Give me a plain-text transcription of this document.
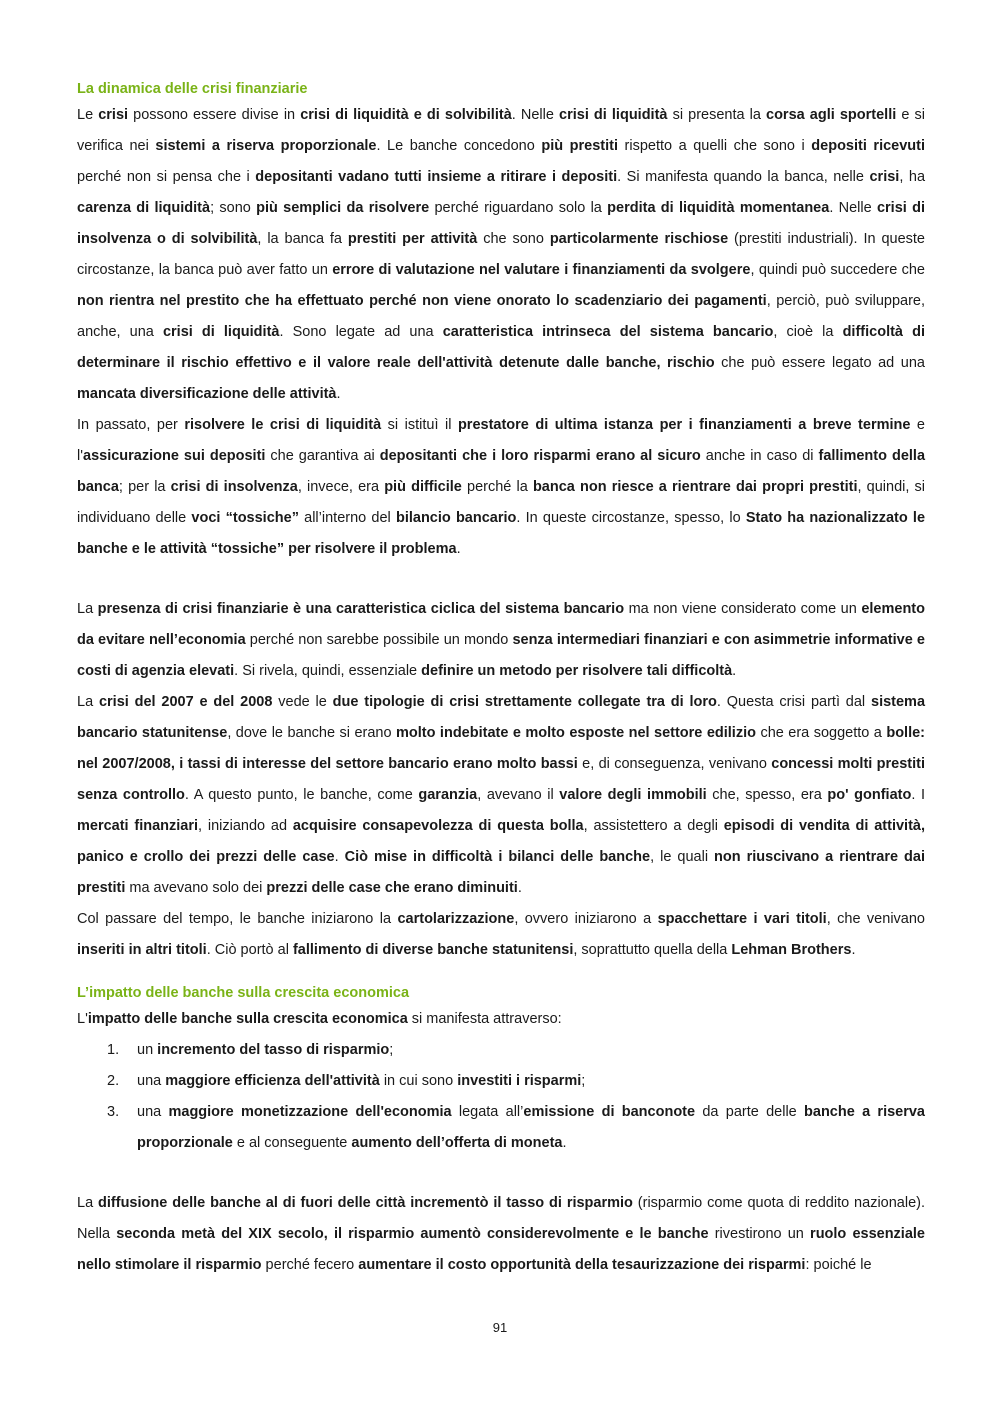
La dinamica delle crisi finanziarie

Le crisi possono essere divise in crisi di liquidità e di solvibilità. Nelle crisi di liquidità si presenta la corsa agli sportelli e si verifica nei sistemi a riserva proporzionale. Le banche concedono più prestiti rispetto a quelli che sono i depositi ricevuti perché non si pensa che i depositanti vadano tutti insieme a ritirare i depositi. Si manifesta quando la banca, nelle crisi, ha carenza di liquidità; sono più semplici da risolvere perché riguardano solo la perdita di liquidità momentanea. Nelle crisi di insolvenza o di solvibilità, la banca fa prestiti per attività che sono particolarmente rischiose (prestiti industriali). In queste circostanze, la banca può aver fatto un errore di valutazione nel valutare i finanziamenti da svolgere, quindi può succedere che non rientra nel prestito che ha effettuato perché non viene onorato lo scadenziario dei pagamenti, perciò, può sviluppare, anche, una crisi di liquidità. Sono legate ad una caratteristica intrinseca del sistema bancario, cioè la difficoltà di determinare il rischio effettivo e il valore reale dell'attività detenute dalle banche, rischio che può essere legato ad una mancata diversificazione delle attività.

In passato, per risolvere le crisi di liquidità si istituì il prestatore di ultima istanza per i finanziamenti a breve termine e l'assicurazione sui depositi che garantiva ai depositanti che i loro risparmi erano al sicuro anche in caso di fallimento della banca; per la crisi di insolvenza, invece, era più difficile perché la banca non riesce a rientrare dai propri prestiti, quindi, si individuano delle voci “tossiche” all’interno del bilancio bancario. In queste circostanze, spesso, lo Stato ha nazionalizzato le banche e le attività “tossiche” per risolvere il problema.

La presenza di crisi finanziarie è una caratteristica ciclica del sistema bancario ma non viene considerato come un elemento da evitare nell’economia perché non sarebbe possibile un mondo senza intermediari finanziari e con asimmetrie informative e costi di agenzia elevati. Si rivela, quindi, essenziale definire un metodo per risolvere tali difficoltà.

La crisi del 2007 e del 2008 vede le due tipologie di crisi strettamente collegate tra di loro. Questa crisi partì dal sistema bancario statunitense, dove le banche si erano molto indebitate e molto esposte nel settore edilizio che era soggetto a bolle: nel 2007/2008, i tassi di interesse del settore bancario erano molto bassi e, di conseguenza, venivano concessi molti prestiti senza controllo. A questo punto, le banche, come garanzia, avevano il valore degli immobili che, spesso, era po' gonfiato. I mercati finanziari, iniziando ad acquisire consapevolezza di questa bolla, assistettero a degli episodi di vendita di attività, panico e crollo dei prezzi delle case. Ciò mise in difficoltà i bilanci delle banche, le quali non riuscivano a rientrare dai prestiti ma avevano solo dei prezzi delle case che erano diminuiti.

Col passare del tempo, le banche iniziarono la cartolarizzazione, ovvero iniziarono a spacchettare i vari titoli, che venivano inseriti in altri titoli. Ciò portò al fallimento di diverse banche statunitensi, soprattutto quella della Lehman Brothers.

L’impatto delle banche sulla crescita economica

L'impatto delle banche sulla crescita economica si manifesta attraverso:

1. un incremento del tasso di risparmio;
2. una maggiore efficienza dell'attività in cui sono investiti i risparmi;
3. una maggiore monetizzazione dell'economia legata all’emissione di banconote da parte delle banche a riserva proporzionale e al conseguente aumento dell’offerta di moneta.

La diffusione delle banche al di fuori delle città incrementò il tasso di risparmio (risparmio come quota di reddito nazionale). Nella seconda metà del XIX secolo, il risparmio aumentò considerevolmente e le banche rivestirono un ruolo essenziale nello stimolare il risparmio perché fecero aumentare il costo opportunità della tesaurizzazione dei risparmi: poiché le

91
